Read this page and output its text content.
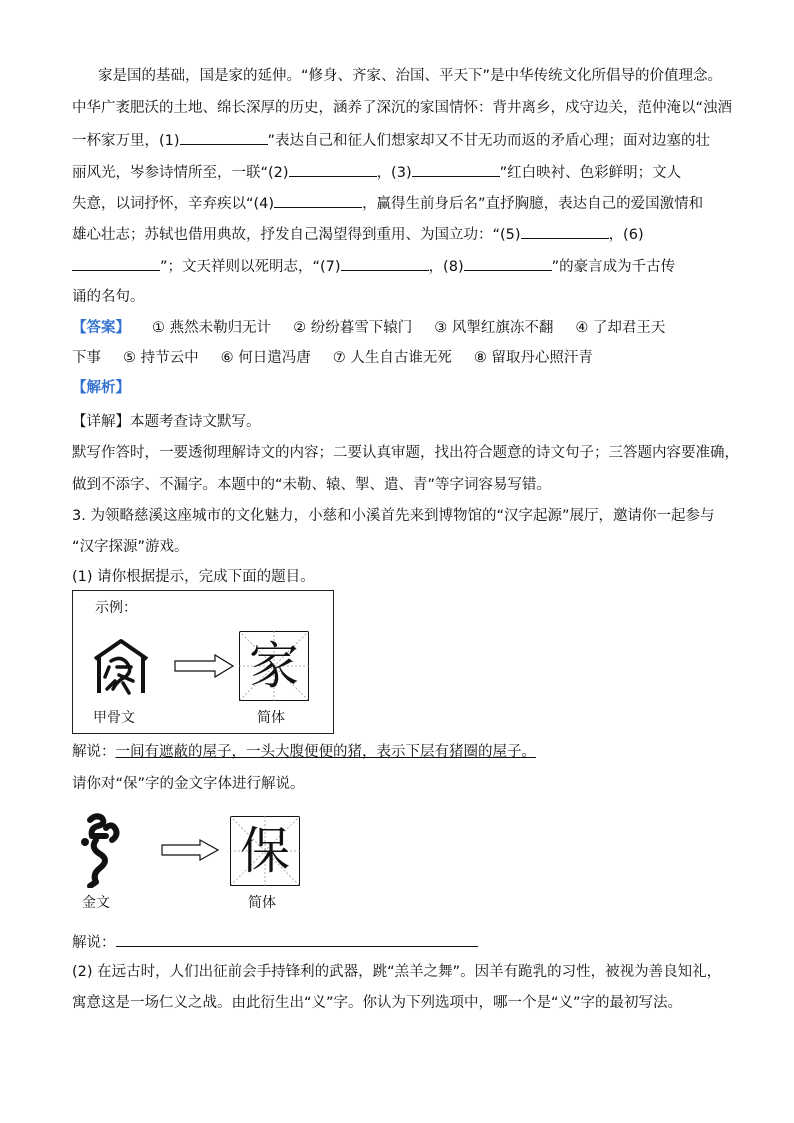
家是国的基础，国是家的延伸。“修身、齐家、治国、平天下”是中华传统文化所倡导的价值理念。
中华广袤肥沃的土地、绵长深厚的历史，涵养了深沉的家国情怀：背井离乡，戍守边关，范仲淹以“浊酒
一杯家万里，(1)	”表达自己和征人们想家却又不甘无功而返的矛盾心理；面对边塞的壮
丽风光，岑参诗情所至，一联“(2)	，(3)	”红白映衬、色彩鲜明；文人
失意，以词抒怀，辛弃疾以“(4)	，赢得生前身后名”直抒胸臆，表达自己的爱国激情和
雄心壮志；苏轼也借用典故，抒发自己渴望得到重用、为国立功：“(5)	，(6)
”；文天祥则以死明志，“(7)	，(8)	”的豪言成为千古传
诵的名句。
【答案】 ① 燕然未勒归无计 ② 纷纷暮雪下辕门 ③ 风掣红旗冻不翻 ④ 了却君王天
下事 ⑤ 持节云中 ⑥ 何日遣冯唐 ⑦ 人生自古谁无死 ⑧ 留取丹心照汗青
【解析】
【详解】本题考查诗文默写。
默写作答时，一要透彻理解诗文的内容；二要认真审题，找出符合题意的诗文句子；三答题内容要准确，
做到不添字、不漏字。本题中的“未勒、辕、掣、遣、青”等字词容易写错。
3. 为领略慈溪这座城市的文化魅力，小慈和小溪首先来到博物馆的“汉字起源”展厅，邀请你一起参与
“汉字探源”游戏。
(1) 请你根据提示，完成下面的题目。
示例：
家
甲骨文	简体
解说：一间有遮蔽的屋子，一头大腹便便的猪，表示下层有猪圈的屋子。
请你对“保”字的金文字体进行解说。
保
金文	简体
解说：
(2) 在远古时，人们出征前会手持锋利的武器，跳“羔羊之舞”。因羊有跪乳的习性，被视为善良知礼，
寓意这是一场仁义之战。由此衍生出“义”字。你认为下列选项中，哪一个是“义”字的最初写法。
